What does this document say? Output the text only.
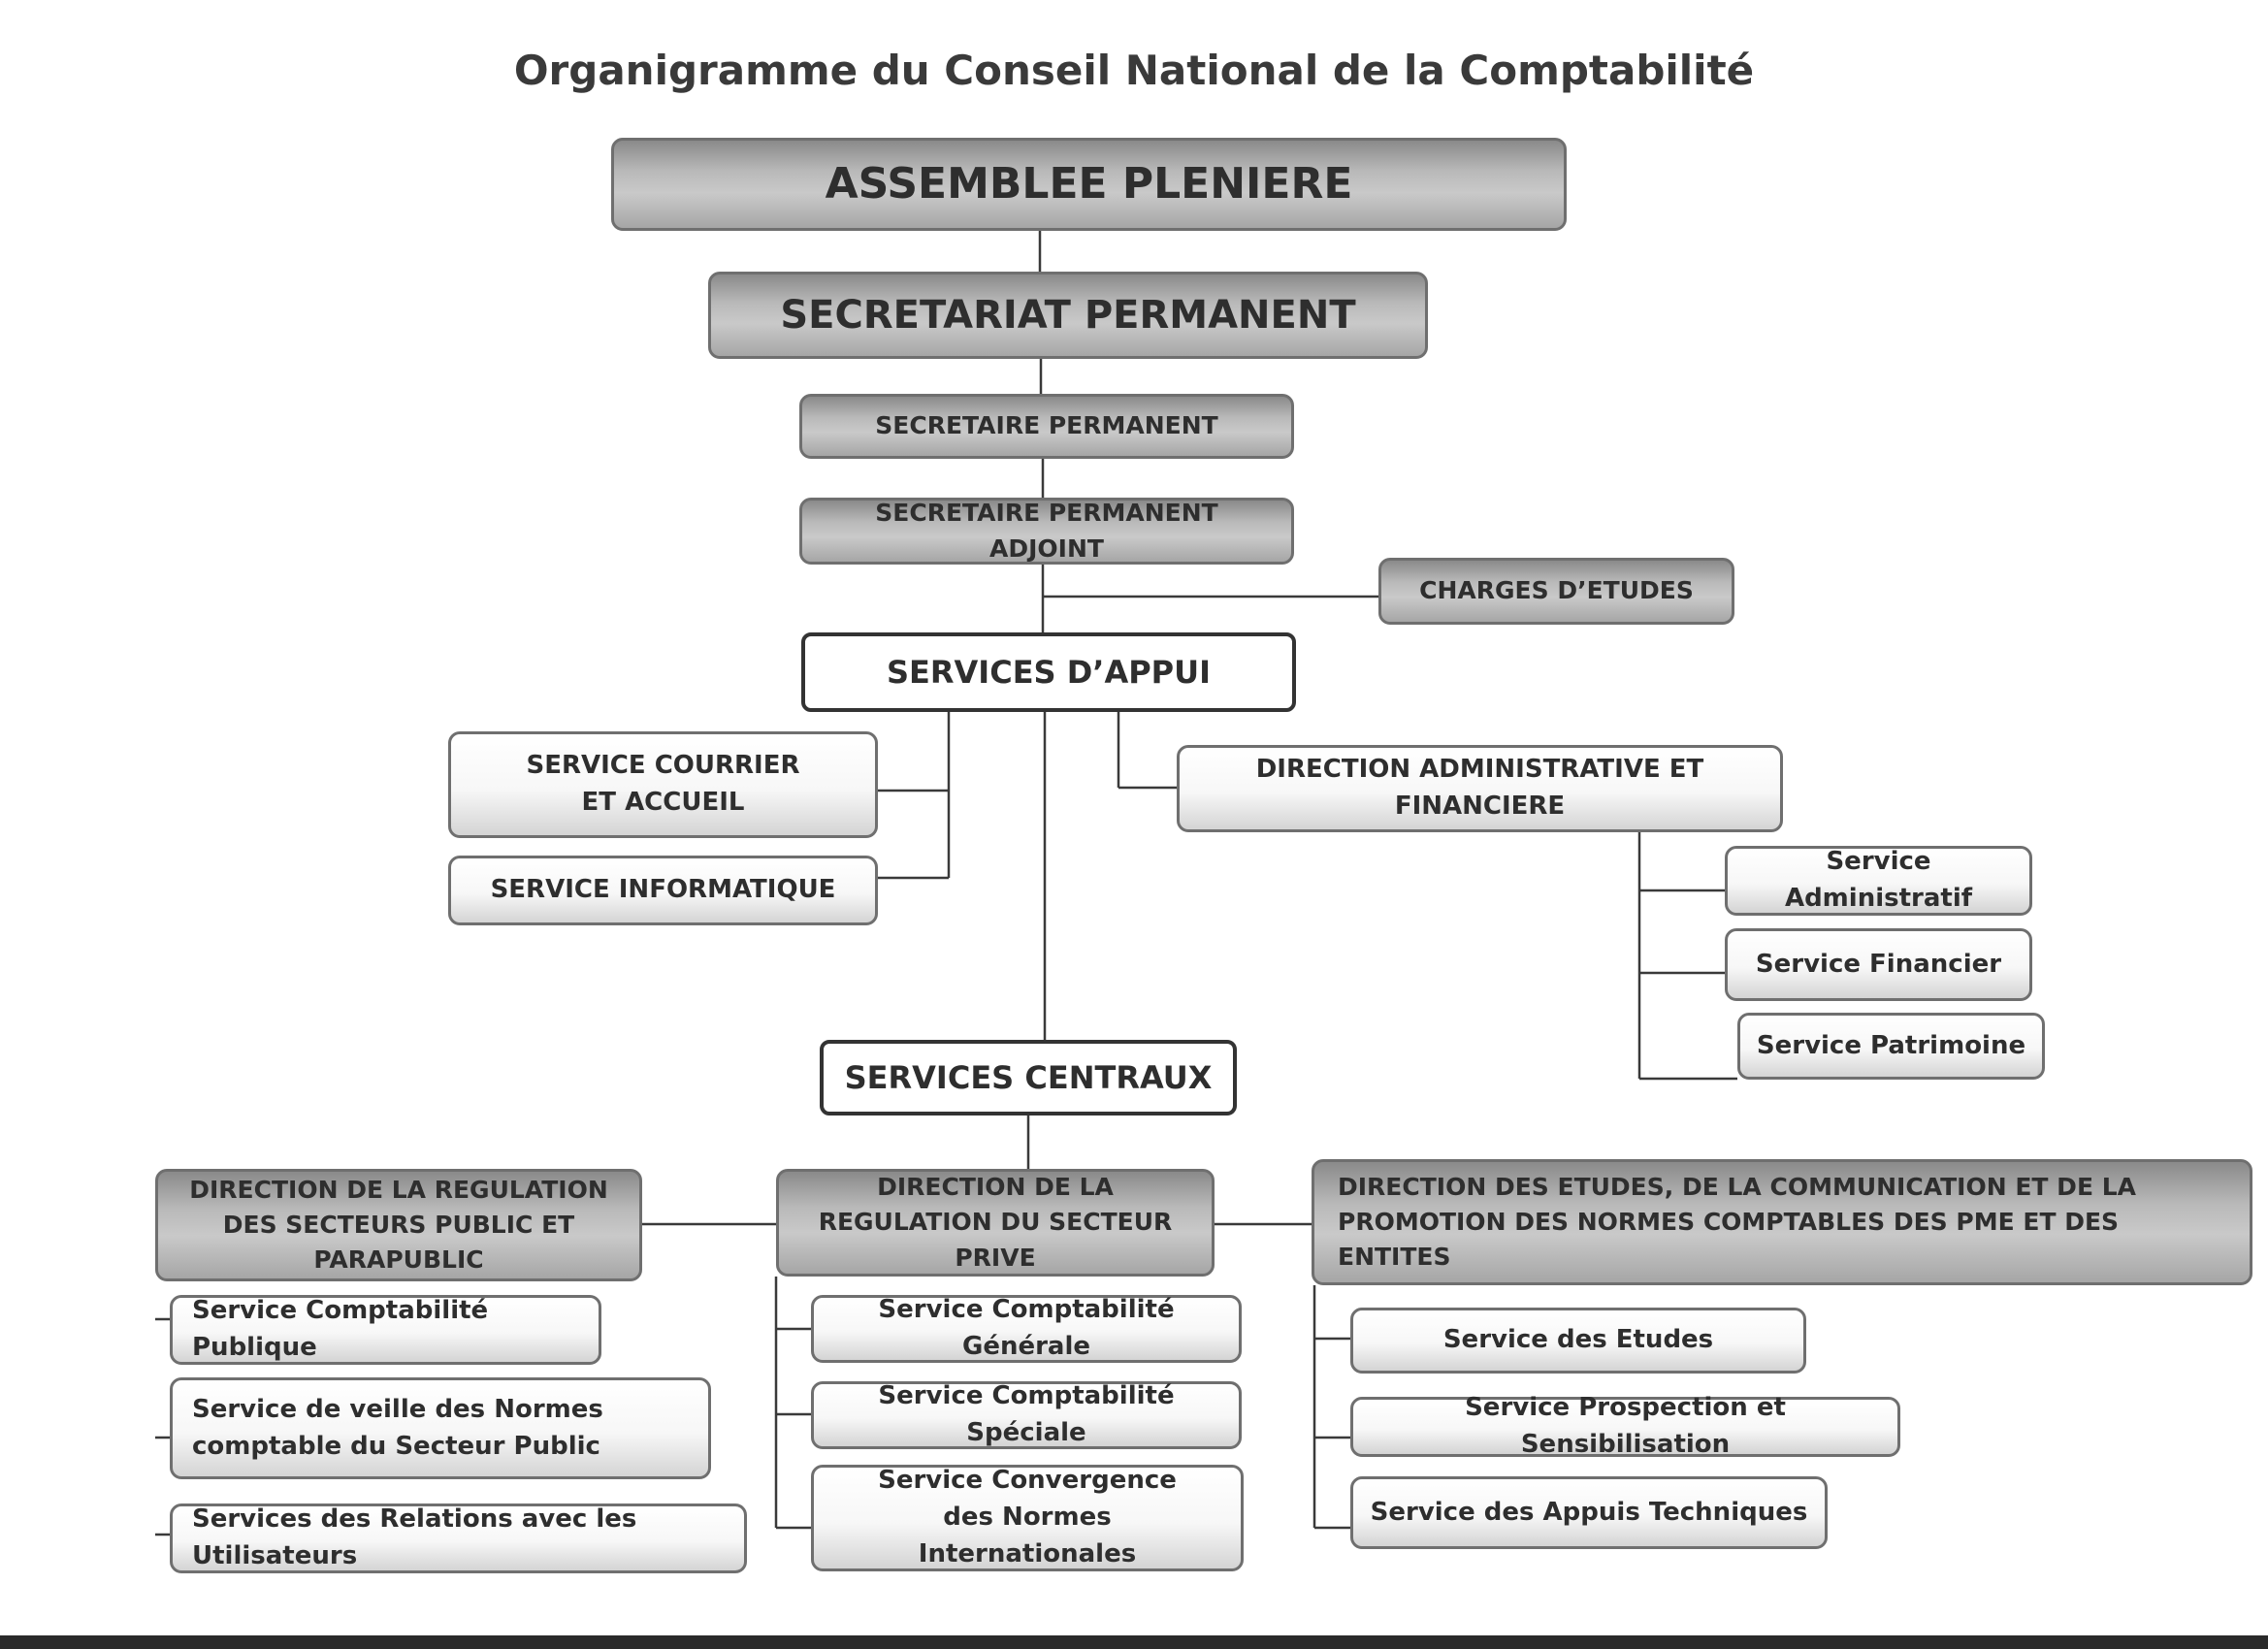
Organigramme du Conseil National de la Comptabilité
ASSEMBLEE PLENIERE
SECRETARIAT PERMANENT
SECRETAIRE PERMANENT
SECRETAIRE PERMANENT ADJOINT
CHARGES D’ETUDES
SERVICES D’APPUI
SERVICE COURRIER ET ACCUEIL
SERVICE INFORMATIQUE
DIRECTION ADMINISTRATIVE ET FINANCIERE
Service Administratif
Service Financier
Service Patrimoine
SERVICES CENTRAUX
DIRECTION DE LA REGULATION DES SECTEURS PUBLIC ET PARAPUBLIC
DIRECTION DE LA REGULATION DU SECTEUR PRIVE
DIRECTION DES ETUDES, DE LA COMMUNICATION ET DE LA PROMOTION DES NORMES COMPTABLES DES PME ET DES ENTITES
Service Comptabilité Publique
Service de veille des Normes comptable du Secteur Public
Services des Relations avec les Utilisateurs
Service Comptabilité Générale
Service Comptabilité Spéciale
Service Convergence des Normes Internationales
Service des Etudes
Service Prospection et Sensibilisation
Service des Appuis Techniques
